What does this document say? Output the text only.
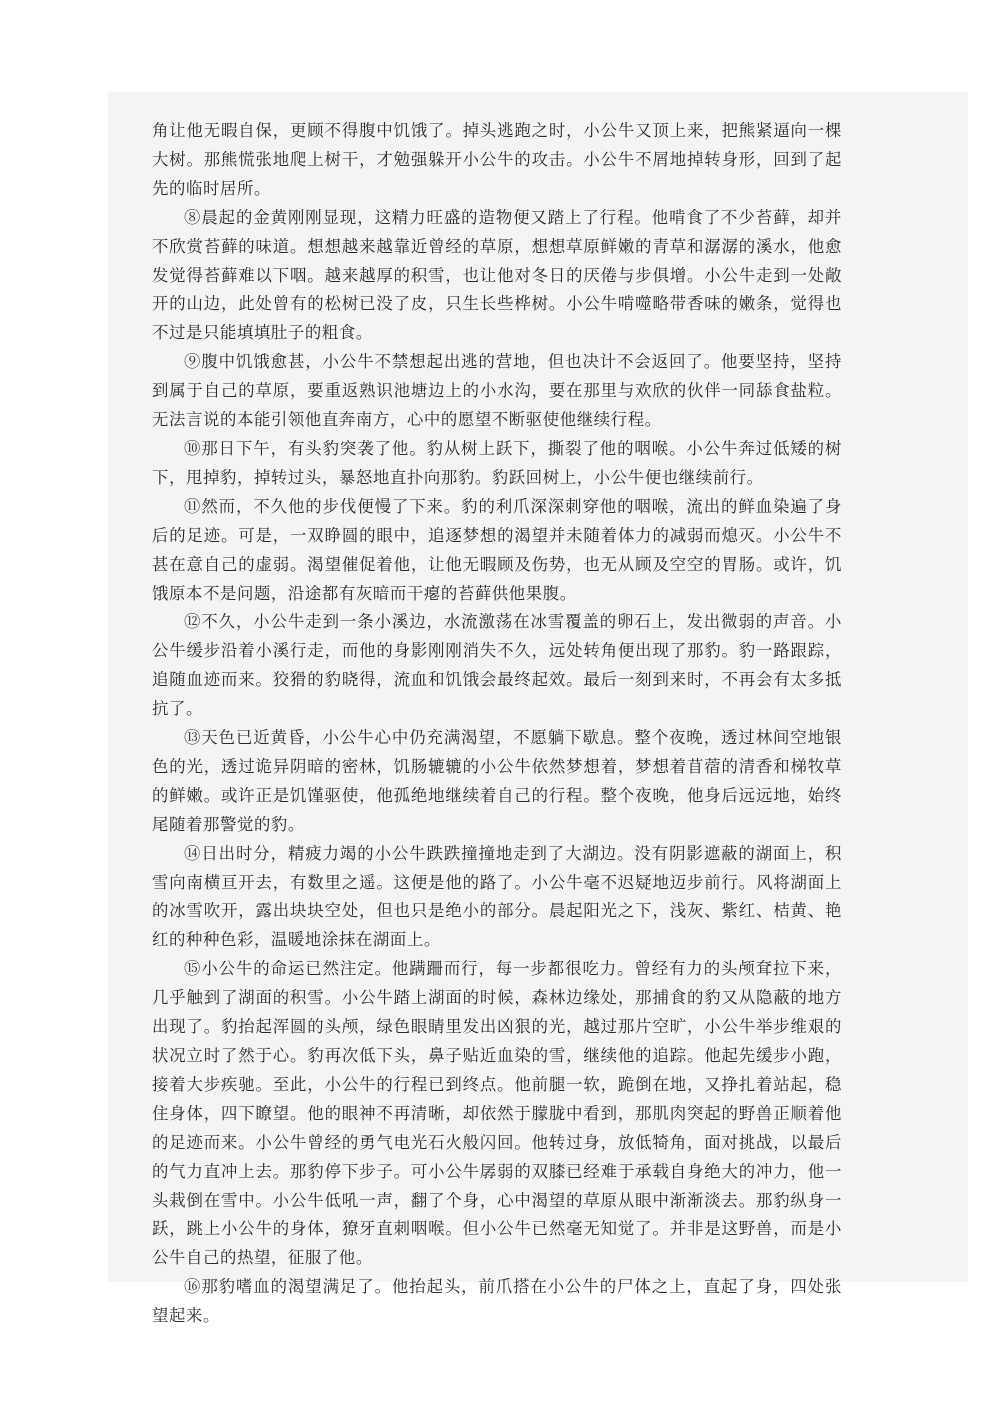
角让他无暇自保，更顾不得腹中饥饿了。掉头逃跑之时，小公牛又顶上来，把熊紧逼向一棵大树。那熊慌张地爬上树干，才勉强躲开小公牛的攻击。小公牛不屑地掉转身形，回到了起先的临时居所。

⑧晨起的金黄刚刚显现，这精力旺盛的造物便又踏上了行程。他啃食了不少苔藓，却并不欣赏苔藓的味道。想想越来越靠近曾经的草原，想想草原鲜嫩的青草和潺潺的溪水，他愈发觉得苔藓难以下咽。越来越厚的积雪，也让他对冬日的厌倦与步俱增。小公牛走到一处敞开的山边，此处曾有的松树已没了皮，只生长些桦树。小公牛啃噬略带香味的嫩条，觉得也不过是只能填填肚子的粗食。

⑨腹中饥饿愈甚，小公牛不禁想起出逃的营地，但也决计不会返回了。他要坚持，坚持到属于自己的草原，要重返熟识池塘边上的小水沟，要在那里与欢欣的伙伴一同舔食盐粒。无法言说的本能引领他直奔南方，心中的愿望不断驱使他继续行程。

⑩那日下午，有头豹突袭了他。豹从树上跃下，撕裂了他的咽喉。小公牛奔过低矮的树下，甩掉豹，掉转过头，暴怒地直扑向那豹。豹跃回树上，小公牛便也继续前行。

⑪然而，不久他的步伐便慢了下来。豹的利爪深深刺穿他的咽喉，流出的鲜血染遍了身后的足迹。可是，一双睁圆的眼中，追逐梦想的渴望并未随着体力的减弱而熄灭。小公牛不甚在意自己的虚弱。渴望催促着他，让他无暇顾及伤势，也无从顾及空空的胃肠。或许，饥饿原本不是问题，沿途都有灰暗而干瘪的苔藓供他果腹。

⑫不久，小公牛走到一条小溪边，水流激荡在冰雪覆盖的卵石上，发出微弱的声音。小公牛缓步沿着小溪行走，而他的身影刚刚消失不久，远处转角便出现了那豹。豹一路跟踪，追随血迹而来。狡猾的豹晓得，流血和饥饿会最终起效。最后一刻到来时，不再会有太多抵抗了。

⑬天色已近黄昏，小公牛心中仍充满渴望，不愿躺下歇息。整个夜晚，透过林间空地银色的光，透过诡异阴暗的密林，饥肠辘辘的小公牛依然梦想着，梦想着苜蓿的清香和梯牧草的鲜嫩。或许正是饥馑驱使，他孤绝地继续着自己的行程。整个夜晚，他身后远远地，始终尾随着那警觉的豹。

⑭日出时分，精疲力竭的小公牛跌跌撞撞地走到了大湖边。没有阴影遮蔽的湖面上，积雪向南横亘开去，有数里之遥。这便是他的路了。小公牛毫不迟疑地迈步前行。风将湖面上的冰雪吹开，露出块块空处，但也只是绝小的部分。晨起阳光之下，浅灰、紫红、桔黄、艳红的种种色彩，温暖地涂抹在湖面上。

⑮小公牛的命运已然注定。他蹒跚而行，每一步都很吃力。曾经有力的头颅耷拉下来，几乎触到了湖面的积雪。小公牛踏上湖面的时候，森林边缘处，那捕食的豹又从隐蔽的地方出现了。豹抬起浑圆的头颅，绿色眼睛里发出凶狠的光，越过那片空旷，小公牛举步维艰的状况立时了然于心。豹再次低下头，鼻子贴近血染的雪，继续他的追踪。他起先缓步小跑，接着大步疾驰。至此，小公牛的行程已到终点。他前腿一软，跪倒在地，又挣扎着站起，稳住身体，四下瞭望。他的眼神不再清晰，却依然于朦胧中看到，那肌肉突起的野兽正顺着他的足迹而来。小公牛曾经的勇气电光石火般闪回。他转过身，放低犄角，面对挑战，以最后的气力直冲上去。那豹停下步子。可小公牛孱弱的双膝已经难于承载自身绝大的冲力，他一头栽倒在雪中。小公牛低吼一声，翻了个身，心中渴望的草原从眼中渐渐淡去。那豹纵身一跃，跳上小公牛的身体，獠牙直刺咽喉。但小公牛已然毫无知觉了。并非是这野兽，而是小公牛自己的热望，征服了他。

⑯那豹嗜血的渴望满足了。他抬起头，前爪搭在小公牛的尸体之上，直起了身，四处张望起来。
